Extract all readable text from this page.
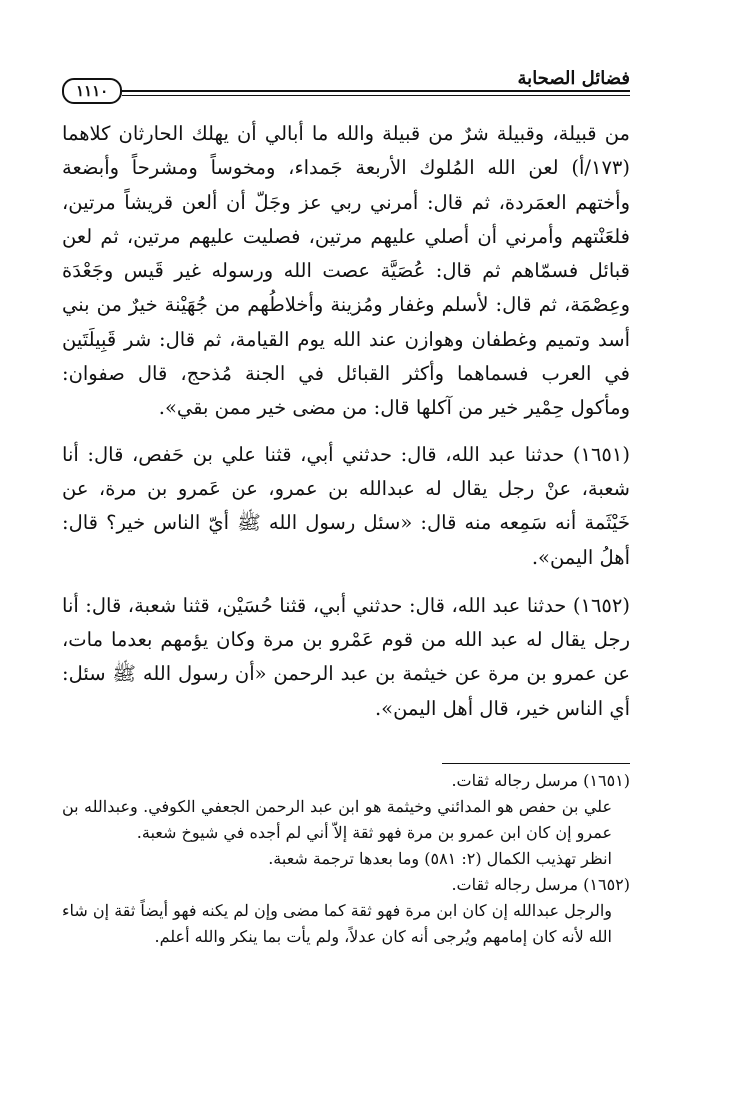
١١١٠
فضائل الصحابة

من قبيلة، وقبيلة شرٌ من قبيلة والله ما أبالي أن يهلك الحارثان كلاهما (١٧٣/أ) لعن الله المُلوك الأربعة جَمداء، ومخوساً ومشرحاً وأبضعة وأختهم العمَردة، ثم قال: أمرني ربي عز وجَلّ أن ألعن قريشاً مرتين، فلعَنْتهم وأمرني أن أصلي عليهم مرتين، فصليت عليهم مرتين، ثم لعن قبائل فسمّاهم ثم قال: عُصَيَّة عصت الله ورسوله غير قَيس وجَعْدَة وعِصْمَة، ثم قال: لأسلم وغفار ومُزينة وأخلاطُهم من جُهَيْنة خيرٌ من بني أسد وتميم وغطفان وهوازن عند الله يوم القيامة، ثم قال: شر قَبِيلَتَين في العرب فسماهما وأكثر القبائل في الجنة مُذحج، قال صفوان: ومأكول حِمْير خير من آكلها قال: من مضى خير ممن بقي».

(١٦٥١) حدثنا عبد الله، قال: حدثني أبي، قثنا علي بن حَفص، قال: أنا شعبة، عنْ رجل يقال له عبدالله بن عمرو، عن عَمرو بن مرة، عن خَيْثَمة أنه سَمِعه منه قال: «سئل رسول الله ﷺ أيّ الناس خير؟ قال: أهلُ اليمن».

(١٦٥٢) حدثنا عبد الله، قال: حدثني أبي، قثنا حُسَيْن، قثنا شعبة، قال: أنا رجل يقال له عبد الله من قوم عَمْرو بن مرة وكان يؤمهم بعدما مات، عن عمرو بن مرة عن خيثمة بن عبد الرحمن «أن رسول الله ﷺ سئل: أي الناس خير، قال أهل اليمن».

(١٦٥١) مرسل رجاله ثقات.

علي بن حفص هو المدائني وخيثمة هو ابن عبد الرحمن الجعفي الكوفي. وعبدالله بن عمرو إن كان ابن عمرو بن مرة فهو ثقة إلاّ أني لم أجده في شيوخ شعبة.

انظر تهذيب الكمال (٢: ٥٨١) وما بعدها ترجمة شعبة.

(١٦٥٢) مرسل رجاله ثقات.

والرجل عبدالله إن كان ابن مرة فهو ثقة كما مضى وإن لم يكنه فهو أيضاً ثقة إن شاء الله لأنه كان إمامهم ويُرجى أنه كان عدلاً، ولم يأت بما ينكر والله أعلم.
